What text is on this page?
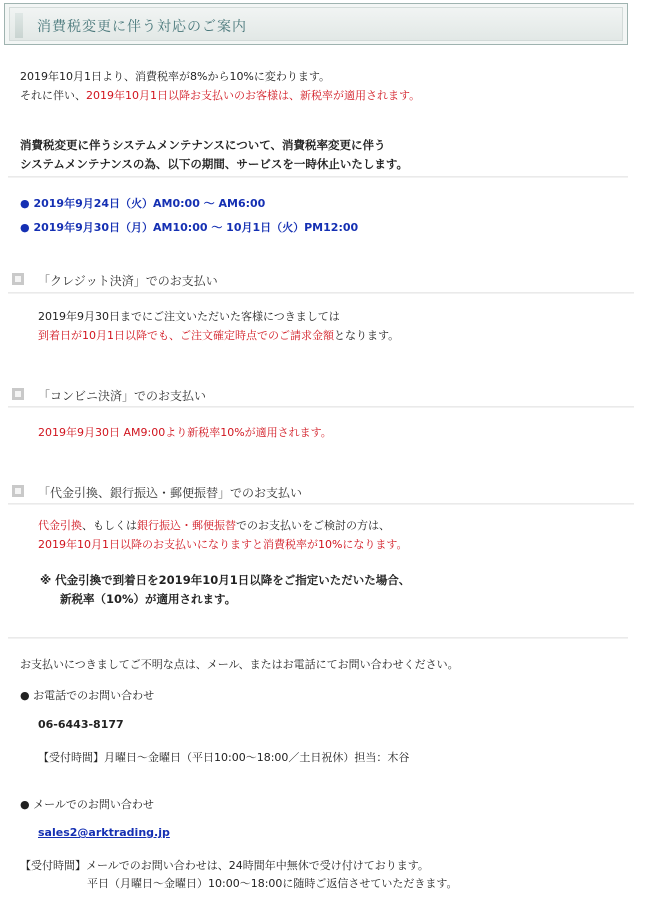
消費税変更に伴う対応のご案内
2019年10月1日より、消費税率が8%から10%に変わります。
それに伴い、2019年10月1日以降お支払いのお客様は、新税率が適用されます。
消費税変更に伴うシステムメンテナンスについて、消費税率変更に伴う
システムメンテナンスの為、以下の期間、サービスを一時休止いたします。
● 2019年9月24日（火）AM0:00 ～ AM6:00
● 2019年9月30日（月）AM10:00 ～ 10月1日（火）PM12:00
「クレジット決済」でのお支払い
2019年9月30日までにご注文いただいた客様につきましては
到着日が10月1日以降でも、ご注文確定時点でのご請求金額となります。
「コンビニ決済」でのお支払い
2019年9月30日 AM9:00より新税率10%が適用されます。
「代金引換、銀行振込・郵便振替」でのお支払い
代金引換、もしくは銀行振込・郵便振替でのお支払いをご検討の方は、
2019年10月1日以降のお支払いになりますと消費税率が10%になります。
※ 代金引換で到着日を2019年10月1日以降をご指定いただいた場合、
新税率（10%）が適用されます。
お支払いにつきましてご不明な点は、メール、またはお電話にてお問い合わせください。
● お電話でのお問い合わせ
06-6443-8177
【受付時間】月曜日～金曜日（平日10:00～18:00／土日祝休）担当：木谷
● メールでのお問い合わせ
sales2@arktrading.jp
【受付時間】メールでのお問い合わせは、24時間年中無休で受け付けております。
平日（月曜日～金曜日）10:00～18:00に随時ご返信させていただきます。
